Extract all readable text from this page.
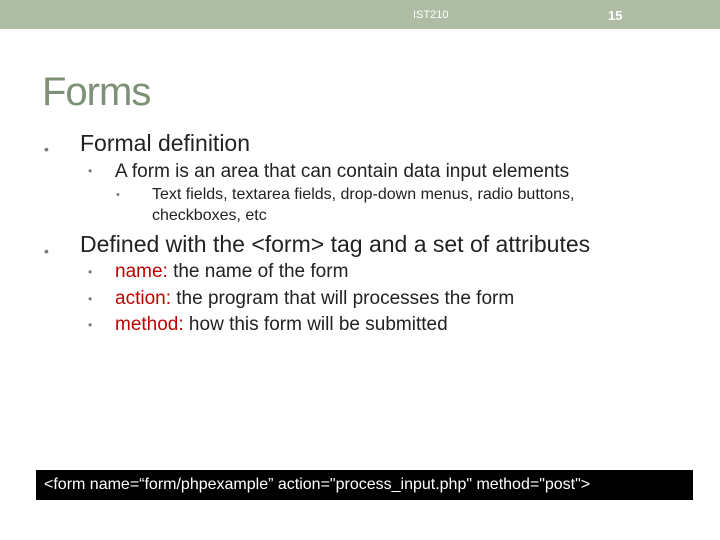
IST210	15
Forms
• Formal definition
• A form is an area that can contain data input elements
• Text fields, textarea fields, drop-down menus, radio buttons,
checkboxes, etc
• Defined with the <form> tag and a set of attributes
• name: the name of the form
• action: the program that will processes the form
• method: how this form will be submitted
<form name=“form/phpexample” action="process_input.php" method="post">
